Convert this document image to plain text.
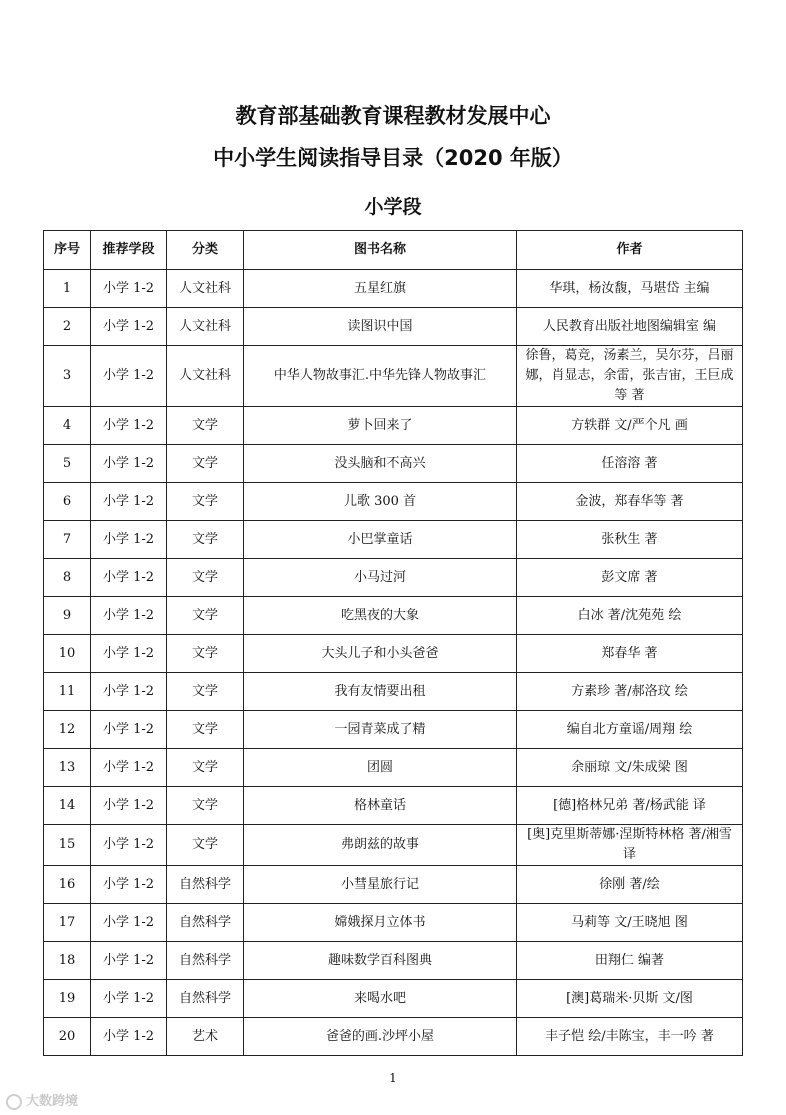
教育部基础教育课程教材发展中心
中小学生阅读指导目录（2020 年版）
小学段
序号	推荐学段	分类	图书名称	作者
1	小学 1-2	人文社科	五星红旗	华琪，杨汝馥，马堪岱 主编
2	小学 1-2	人文社科	读图识中国	人民教育出版社地图编辑室 编
3	小学 1-2	人文社科	中华人物故事汇.中华先锋人物故事汇	徐鲁，葛竞，汤素兰，吴尔芬，吕丽娜，肖显志，余雷，张吉宙，王巨成等 著
4	小学 1-2	文学	萝卜回来了	方轶群 文/严个凡 画
5	小学 1-2	文学	没头脑和不高兴	任溶溶 著
6	小学 1-2	文学	儿歌 300 首	金波，郑春华等 著
7	小学 1-2	文学	小巴掌童话	张秋生 著
8	小学 1-2	文学	小马过河	彭文席 著
9	小学 1-2	文学	吃黑夜的大象	白冰 著/沈苑苑 绘
10	小学 1-2	文学	大头儿子和小头爸爸	郑春华 著
11	小学 1-2	文学	我有友情要出租	方素珍 著/郝洛玟 绘
12	小学 1-2	文学	一园青菜成了精	编自北方童谣/周翔 绘
13	小学 1-2	文学	团圆	余丽琼 文/朱成梁 图
14	小学 1-2	文学	格林童话	[德]格林兄弟 著/杨武能 译
15	小学 1-2	文学	弗朗兹的故事	[奥]克里斯蒂娜·涅斯特林格 著/湘雪 译
16	小学 1-2	自然科学	小彗星旅行记	徐刚 著/绘
17	小学 1-2	自然科学	嫦娥探月立体书	马莉等 文/王晓旭 图
18	小学 1-2	自然科学	趣味数学百科图典	田翔仁 编著
19	小学 1-2	自然科学	来喝水吧	[澳]葛瑞米·贝斯 文/图
20	小学 1-2	艺术	爸爸的画.沙坪小屋	丰子恺 绘/丰陈宝，丰一吟 著
1
大数跨境
